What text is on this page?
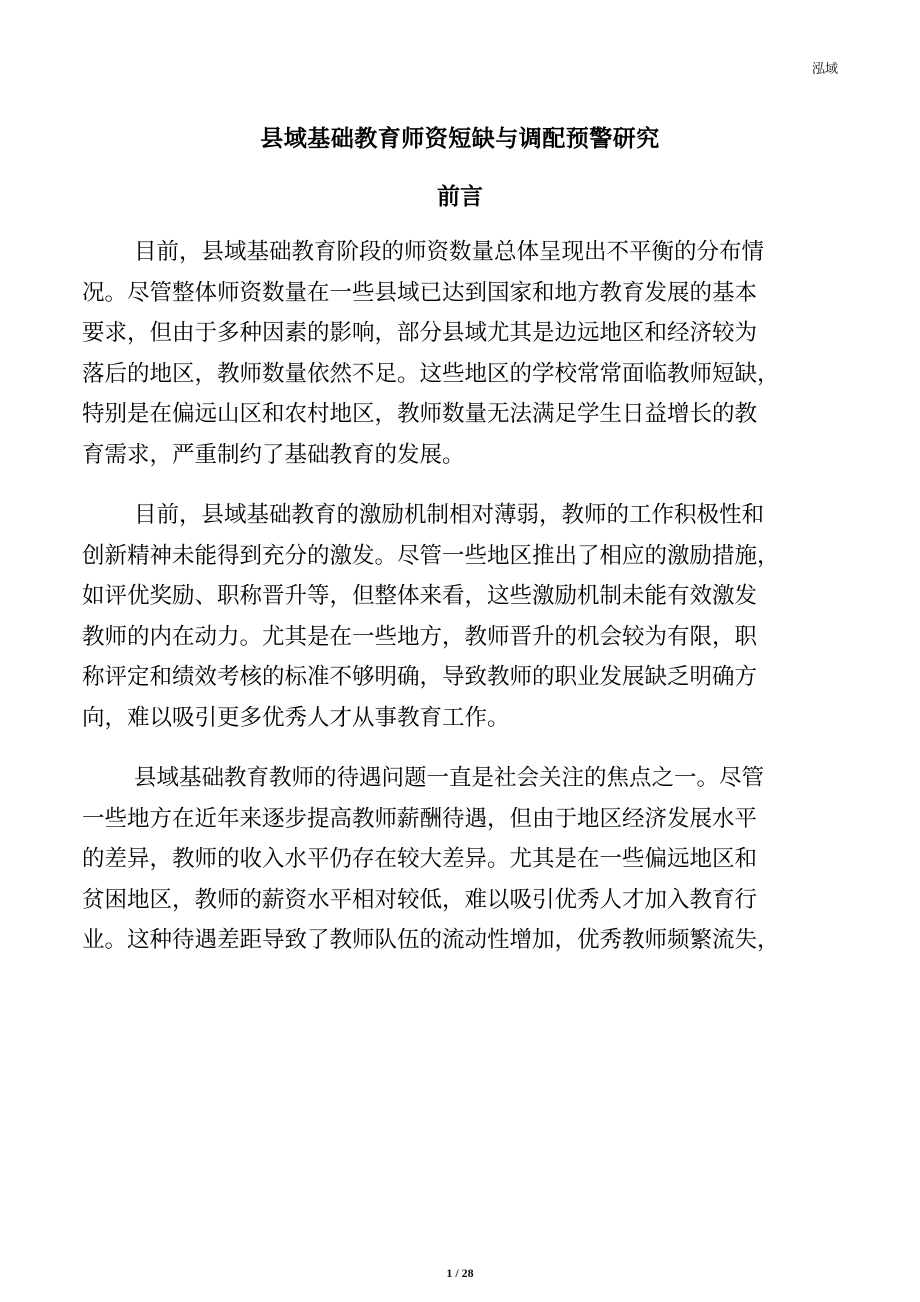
泓域
县域基础教育师资短缺与调配预警研究
前言
目前，县域基础教育阶段的师资数量总体呈现出不平衡的分布情
况。尽管整体师资数量在一些县域已达到国家和地方教育发展的基本
要求，但由于多种因素的影响，部分县域尤其是边远地区和经济较为
落后的地区，教师数量依然不足。这些地区的学校常常面临教师短缺，
特别是在偏远山区和农村地区，教师数量无法满足学生日益增长的教
育需求，严重制约了基础教育的发展。
目前，县域基础教育的激励机制相对薄弱，教师的工作积极性和
创新精神未能得到充分的激发。尽管一些地区推出了相应的激励措施，
如评优奖励、职称晋升等，但整体来看，这些激励机制未能有效激发
教师的内在动力。尤其是在一些地方，教师晋升的机会较为有限，职
称评定和绩效考核的标准不够明确，导致教师的职业发展缺乏明确方
向，难以吸引更多优秀人才从事教育工作。
县域基础教育教师的待遇问题一直是社会关注的焦点之一。尽管
一些地方在近年来逐步提高教师薪酬待遇，但由于地区经济发展水平
的差异，教师的收入水平仍存在较大差异。尤其是在一些偏远地区和
贫困地区，教师的薪资水平相对较低，难以吸引优秀人才加入教育行
业。这种待遇差距导致了教师队伍的流动性增加，优秀教师频繁流失，
1 / 28
